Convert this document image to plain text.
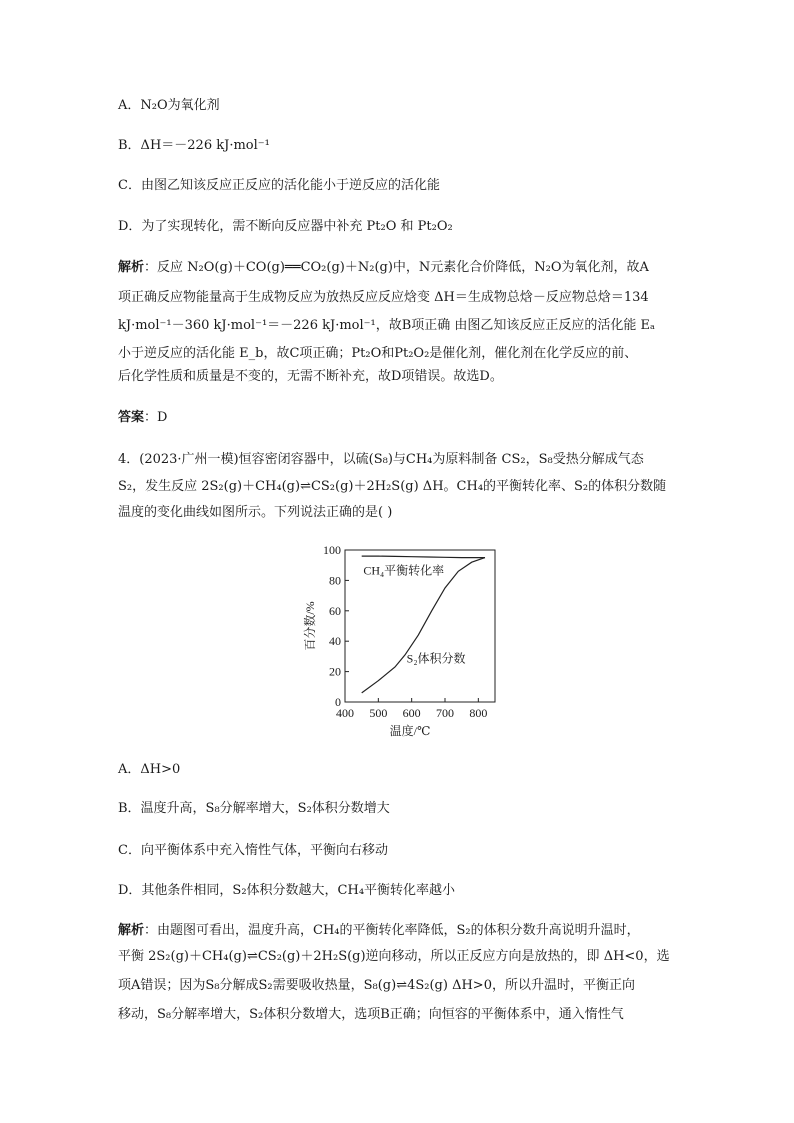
A．N₂O为氧化剂
B．ΔH＝－226 kJ·mol⁻¹
C．由图乙知该反应正反应的活化能小于逆反应的活化能
D．为了实现转化，需不断向反应器中补充 Pt₂O 和 Pt₂O₂
解析：反应 N₂O(g)＋CO(g)══CO₂(g)＋N₂(g)中，N元素化合价降低，N₂O为氧化剂，故A
项正确反应物能量高于生成物反应为放热反应反应焓变 ΔH＝生成物总焓－反应物总焓＝134
kJ·mol⁻¹－360 kJ·mol⁻¹＝－226 kJ·mol⁻¹，故B项正确 由图乙知该反应正反应的活化能 Eₐ
小于逆反应的活化能 E_b，故C项正确；Pt₂O和Pt₂O₂是催化剂，催化剂在化学反应的前、
后化学性质和质量是不变的，无需不断补充，故D项错误。故选D。
答案：D
4．(2023·广州一模)恒容密闭容器中，以硫(S₈)与CH₄为原料制备 CS₂，S₈受热分解成气态
S₂，发生反应 2S₂(g)＋CH₄(g)⇌CS₂(g)＋2H₂S(g) ΔH。CH₄的平衡转化率、S₂的体积分数随
温度的变化曲线如图所示。下列说法正确的是( )
0
20
40
60
80
100
400 500 600 700 800
温度/℃
百分数/%
CH₄平衡转化率
S₂体积分数
A．ΔH>0
B．温度升高，S₈分解率增大，S₂体积分数增大
C．向平衡体系中充入惰性气体，平衡向右移动
D．其他条件相同，S₂体积分数越大，CH₄平衡转化率越小
解析：由题图可看出，温度升高，CH₄的平衡转化率降低，S₂的体积分数升高说明升温时，
平衡 2S₂(g)＋CH₄(g)⇌CS₂(g)＋2H₂S(g)逆向移动，所以正反应方向是放热的，即 ΔH<0，选
项A错误；因为S₈分解成S₂需要吸收热量，S₈(g)⇌4S₂(g) ΔH>0，所以升温时，平衡正向
移动，S₈分解率增大，S₂体积分数增大，选项B正确；向恒容的平衡体系中，通入惰性气
